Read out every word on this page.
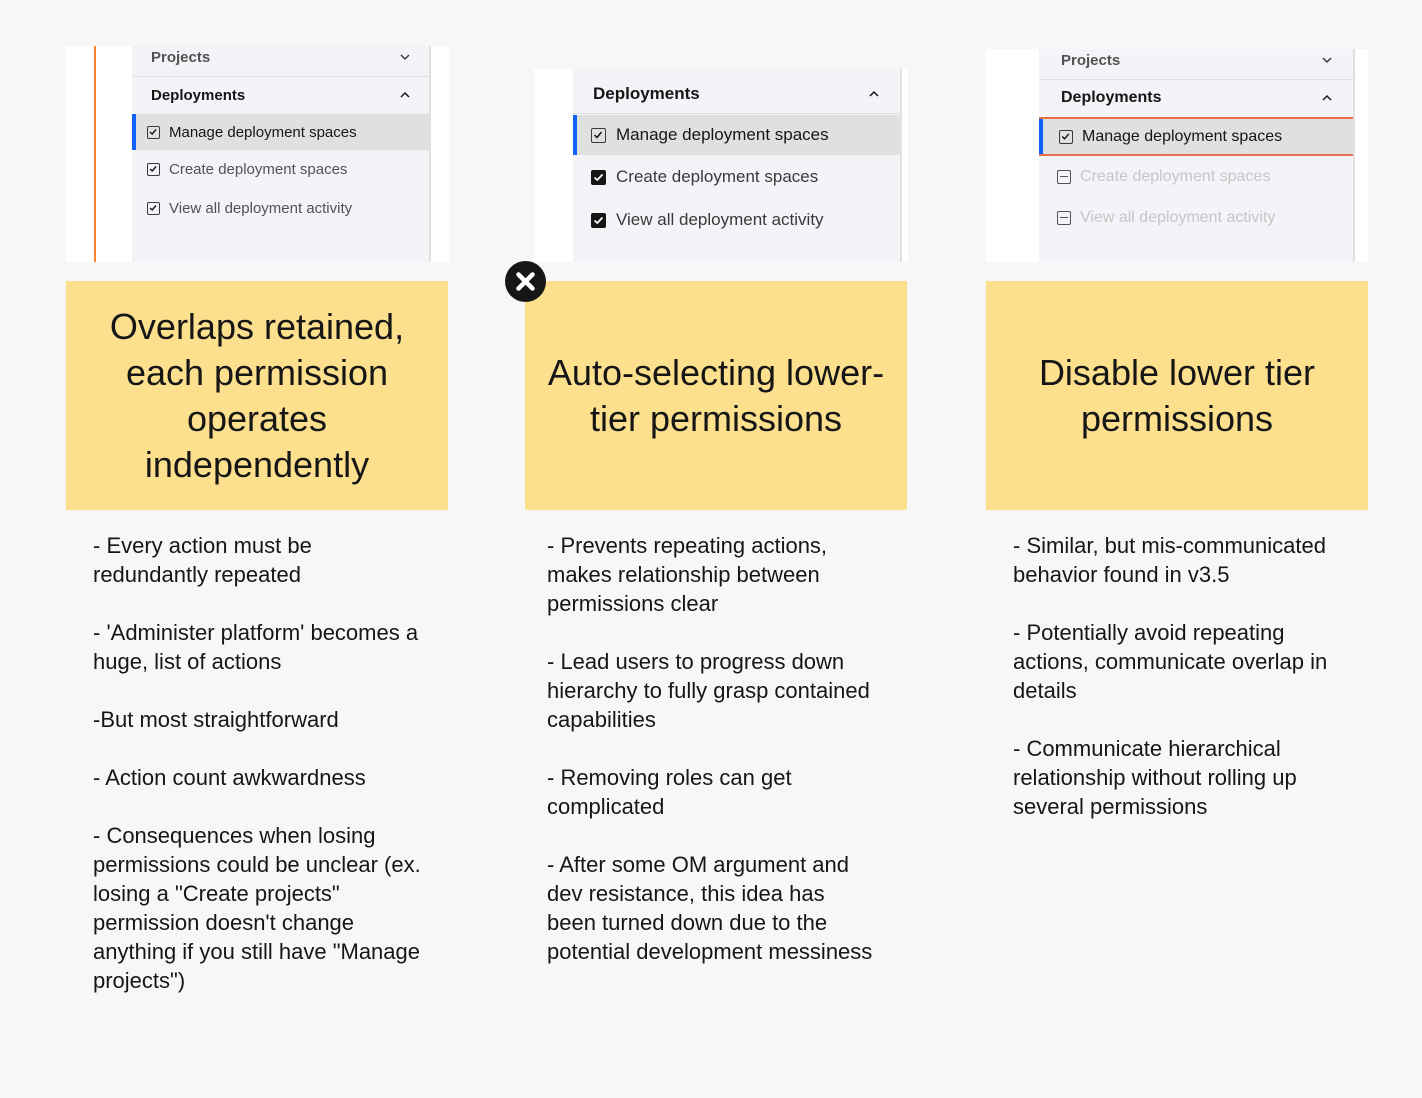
Projects
Deployments
Manage deployment spaces
Create deployment spaces
View all deployment activity
Overlaps retained,
each permission
operates
independently

- Every action must be redundantly repeated

- 'Administer platform' becomes a huge, list of actions

-But most straightforward

- Action count awkwardness

- Consequences when losing permissions could be unclear (ex. losing a "Create projects" permission doesn't change anything if you still have "Manage projects")

Deployments
Manage deployment spaces
Create deployment spaces
View all deployment activity
Auto-selecting lower-
tier permissions

- Prevents repeating actions, makes relationship between permissions clear

- Lead users to progress down hierarchy to fully grasp contained capabilities

- Removing roles can get complicated

- After some OM argument and dev resistance, this idea has been turned down due to the potential development messiness

Projects
Deployments
Manage deployment spaces
Create deployment spaces
View all deployment activity
Disable lower tier
permissions

- Similar, but mis-communicated behavior found in v3.5

- Potentially avoid repeating actions, communicate overlap in details

- Communicate hierarchical relationship without rolling up several permissions
